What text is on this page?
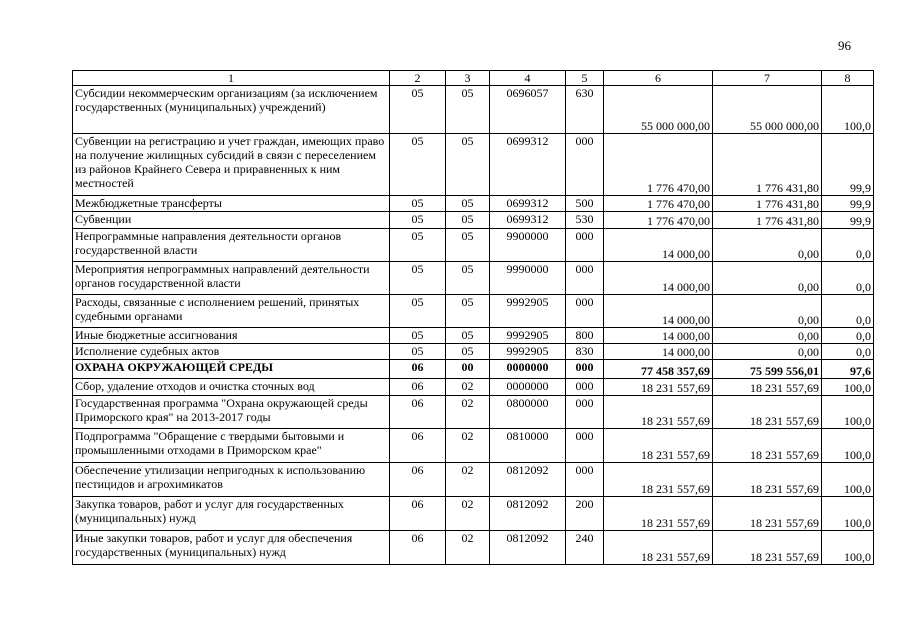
96
1	2	3	4	5	6	7	8
Субсидии некоммерческим организациям (за исключением государственных (муниципальных) учреждений)	05	05	0696057	630	55 000 000,00	55 000 000,00	100,0
Субвенции на регистрацию и учет граждан, имеющих право на получение жилищных субсидий в связи с переселением из районов Крайнего Севера и приравненных к ним местностей	05	05	0699312	000	1 776 470,00	1 776 431,80	99,9
Межбюджетные трансферты	05	05	0699312	500	1 776 470,00	1 776 431,80	99,9
Субвенции	05	05	0699312	530	1 776 470,00	1 776 431,80	99,9
Непрограммные направления деятельности органов государственной власти	05	05	9900000	000	14 000,00	0,00	0,0
Мероприятия непрограммных направлений деятельности органов государственной власти	05	05	9990000	000	14 000,00	0,00	0,0
Расходы, связанные с исполнением решений, принятых судебными органами	05	05	9992905	000	14 000,00	0,00	0,0
Иные бюджетные ассигнования	05	05	9992905	800	14 000,00	0,00	0,0
Исполнение судебных актов	05	05	9992905	830	14 000,00	0,00	0,0
ОХРАНА ОКРУЖАЮЩЕЙ СРЕДЫ	06	00	0000000	000	77 458 357,69	75 599 556,01	97,6
Сбор, удаление отходов и очистка сточных вод	06	02	0000000	000	18 231 557,69	18 231 557,69	100,0
Государственная программа "Охрана окружающей среды Приморского края" на 2013-2017 годы	06	02	0800000	000	18 231 557,69	18 231 557,69	100,0
Подпрограмма "Обращение с твердыми бытовыми и промышленными отходами в Приморском крае"	06	02	0810000	000	18 231 557,69	18 231 557,69	100,0
Обеспечение утилизации непригодных к использованию пестицидов и агрохимикатов	06	02	0812092	000	18 231 557,69	18 231 557,69	100,0
Закупка товаров, работ и услуг для государственных (муниципальных) нужд	06	02	0812092	200	18 231 557,69	18 231 557,69	100,0
Иные закупки товаров, работ и услуг для обеспечения государственных (муниципальных) нужд	06	02	0812092	240	18 231 557,69	18 231 557,69	100,0
